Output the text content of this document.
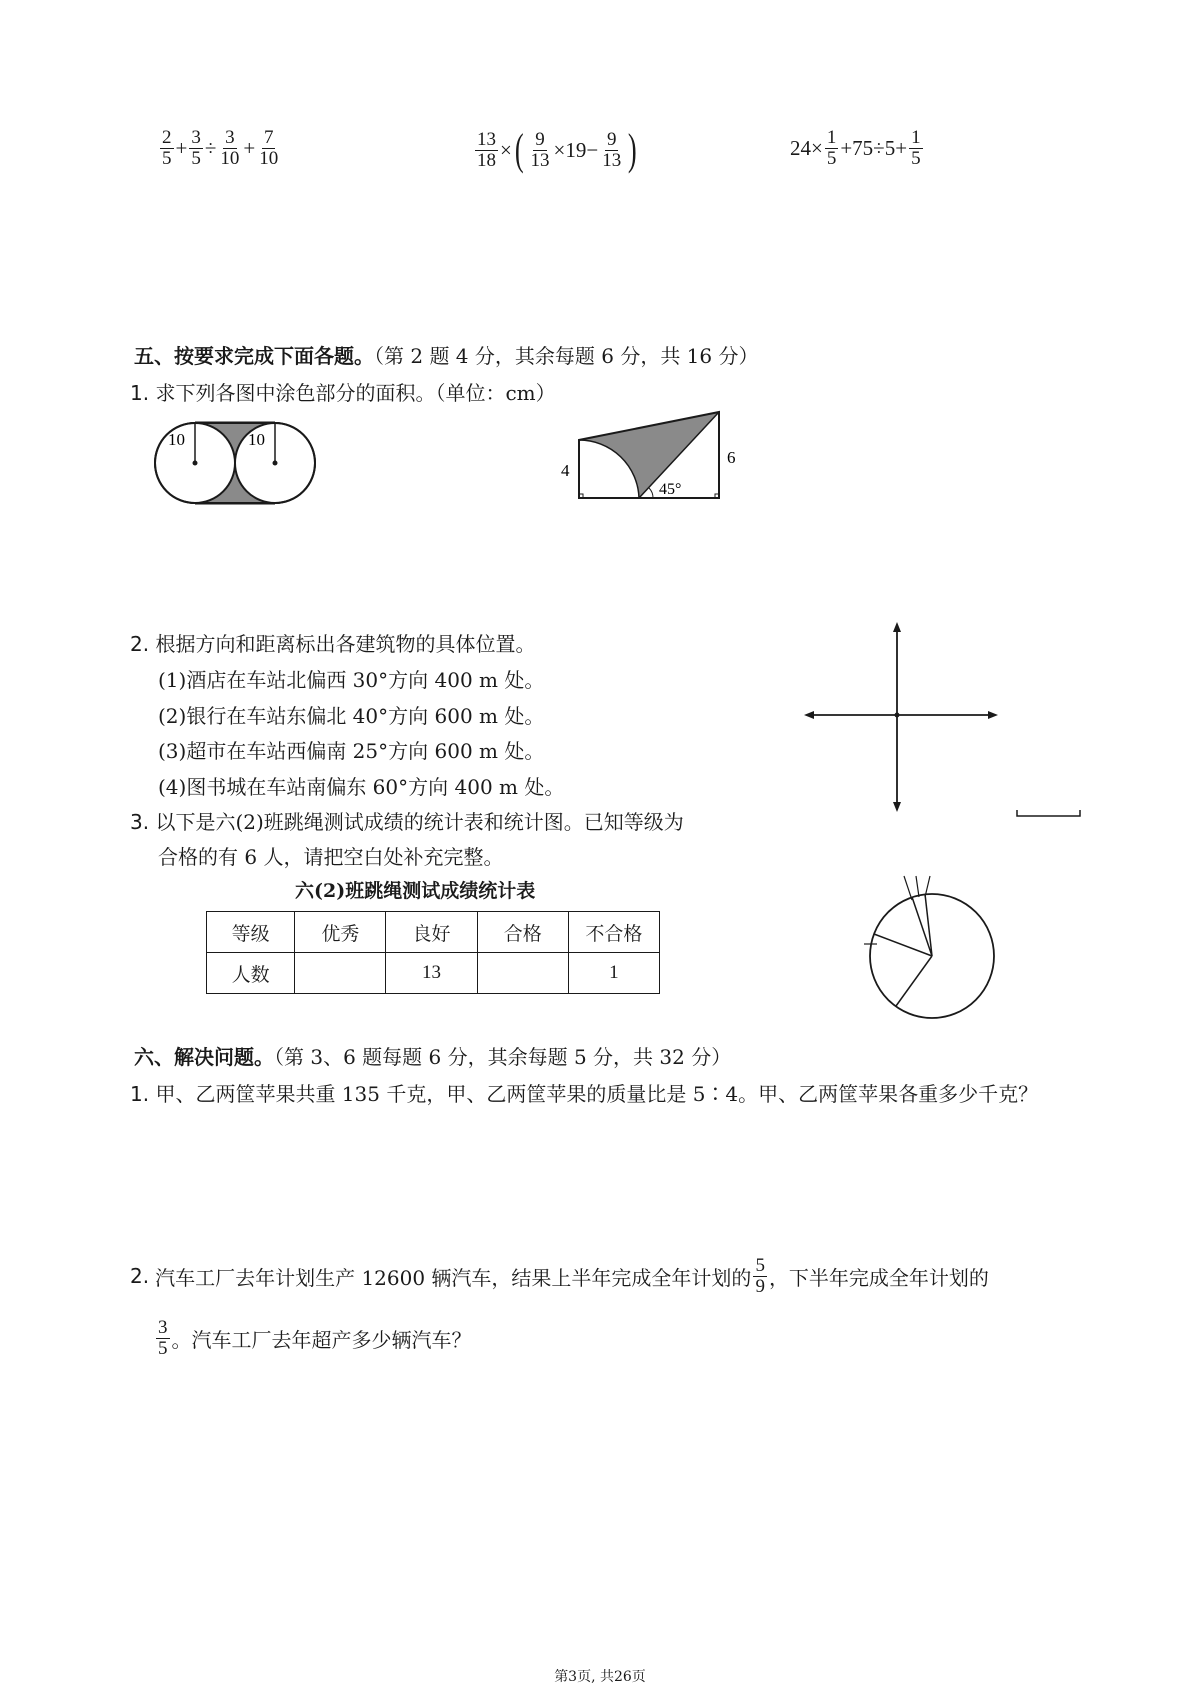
$\frac{2}{5} + \frac{3}{5} \div \frac{3}{10} + \frac{7}{10}$	$\frac{13}{18}$ × ( $\frac{9}{13} \times 19- \frac{9}{13}$ )	$24\times \frac{1}{5} +75\div 5+ \frac{1}{5}$
五、按要求完成下面各题。（第 2 题 4 分，其余每题 6 分，共 16 分）
1. 求下列各图中涂色部分的面积。（单位：cm）
10	10
4
6
45°
2. 根据方向和距离标出各建筑物的具体位置。
(1)酒店在车站北偏西 30°方向 400 m 处。
(2)银行在车站东偏北 40°方向 600 m 处。
(3)超市在车站西偏南 25°方向 600 m 处。
(4)图书城在车站南偏东 60°方向 400 m 处。
3. 以下是六(2)班跳绳测试成绩的统计表和统计图。已知等级为
合格的有 6 人，请把空白处补充完整。
六(2)班跳绳测试成绩统计表
等级	优秀	良好	合格	不合格
人数		13		1
六、解决问题。（第 3、6 题每题 6 分，其余每题 5 分，共 32 分）
1. 甲、乙两筐苹果共重 135 千克，甲、乙两筐苹果的质量比是 5∶4。甲、乙两筐苹果各重多少千克？
2. 汽车工厂去年计划生产 12600 辆汽车，结果上半年完成全年计划的 $\frac{5}{9}$ ，下半年完成全年计划的
$\frac{3}{5}$ 。汽车工厂去年超产多少辆汽车？
第3页, 共26页
